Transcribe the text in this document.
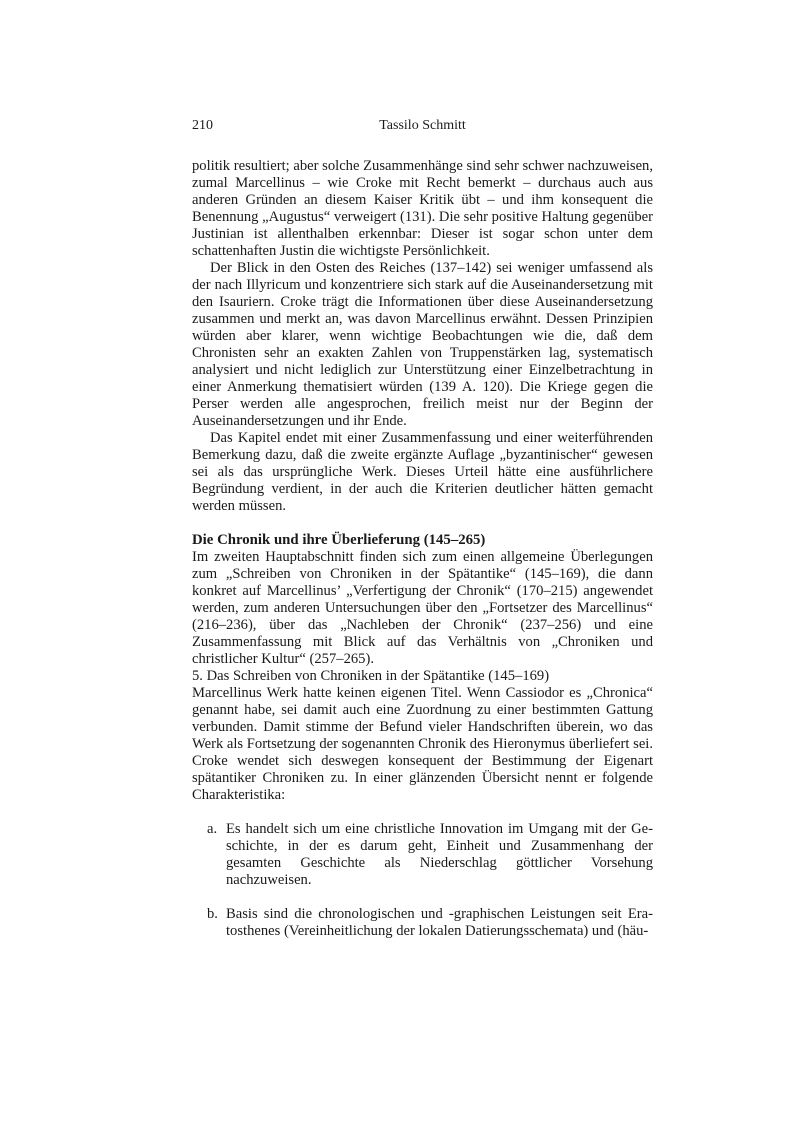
210	Tassilo Schmitt

politik resultiert; aber solche Zusammenhänge sind sehr schwer nachzuweisen, zumal Marcellinus – wie Croke mit Recht bemerkt – durchaus auch aus anderen Gründen an diesem Kaiser Kritik übt – und ihm konsequent die Benennung „Augustus“ verweigert (131). Die sehr positive Haltung gegenüber Justinian ist allenthalben erkennbar: Dieser ist sogar schon unter dem schattenhaften Justin die wichtigste Persönlichkeit.

Der Blick in den Osten des Reiches (137–142) sei weniger umfassend als der nach Illyricum und konzentriere sich stark auf die Auseinandersetzung mit den Isauriern. Croke trägt die Informationen über diese Auseinandersetzung zusammen und merkt an, was davon Marcellinus erwähnt. Dessen Prinzipien würden aber klarer, wenn wichtige Beobachtungen wie die, daß dem Chronisten sehr an exakten Zahlen von Truppenstärken lag, systematisch analysiert und nicht lediglich zur Unterstützung einer Einzelbetrachtung in einer Anmerkung thematisiert würden (139 A. 120). Die Kriege gegen die Perser werden alle angesprochen, freilich meist nur der Beginn der Auseinandersetzungen und ihr Ende.

Das Kapitel endet mit einer Zusammenfassung und einer weiterführenden Bemerkung dazu, daß die zweite ergänzte Auflage „byzantinischer“ gewesen sei als das ursprüngliche Werk. Dieses Urteil hätte eine ausführlichere Begründung verdient, in der auch die Kriterien deutlicher hätten gemacht werden müssen.

Die Chronik und ihre Überlieferung (145–265)

Im zweiten Hauptabschnitt finden sich zum einen allgemeine Überlegungen zum „Schreiben von Chroniken in der Spätantike“ (145–169), die dann konkret auf Marcellinus’ „Verfertigung der Chronik“ (170–215) angewendet werden, zum anderen Untersuchungen über den „Fortsetzer des Marcellinus“ (216–236), über das „Nachleben der Chronik“ (237–256) und eine Zusammenfassung mit Blick auf das Verhältnis von „Chroniken und christlicher Kultur“ (257–265).

5. Das Schreiben von Chroniken in der Spätantike (145–169)

Marcellinus Werk hatte keinen eigenen Titel. Wenn Cassiodor es „Chronica“ genannt habe, sei damit auch eine Zuordnung zu einer bestimmten Gattung verbunden. Damit stimme der Befund vieler Handschriften überein, wo das Werk als Fortsetzung der sogenannten Chronik des Hieronymus überliefert sei. Croke wendet sich deswegen konsequent der Bestimmung der Eigenart spätantiker Chroniken zu. In einer glänzenden Übersicht nennt er folgende Charakteristika:

a. Es handelt sich um eine christliche Innovation im Umgang mit der Geschichte, in der es darum geht, Einheit und Zusammenhang der gesamten Geschichte als Niederschlag göttlicher Vorsehung nachzuweisen.
b. Basis sind die chronologischen und -graphischen Leistungen seit Eratosthenes (Vereinheitlichung der lokalen Datierungsschemata) und (häu-
